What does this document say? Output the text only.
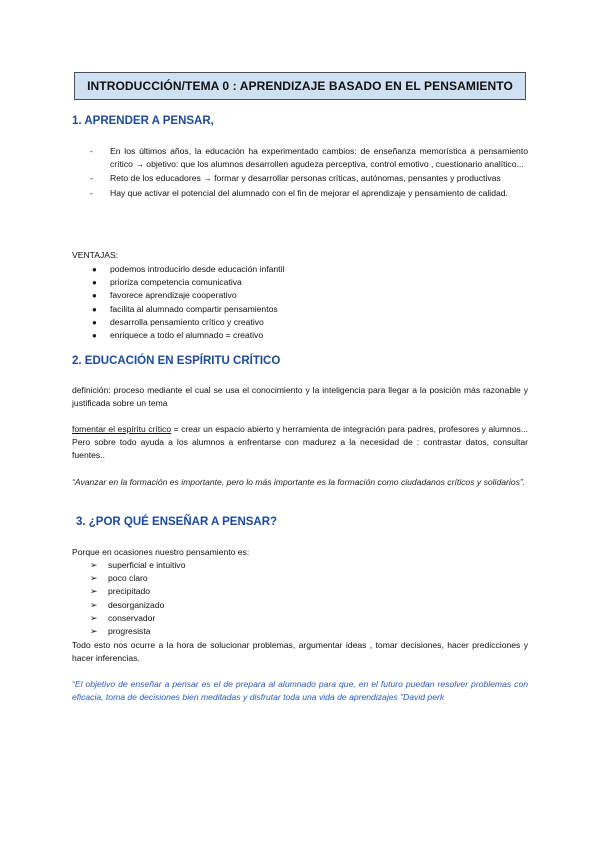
INTRODUCCIÓN/TEMA 0 : APRENDIZAJE BASADO EN EL PENSAMIENTO
1. APRENDER A PENSAR,
- En los últimos años, la educación ha experimentado cambios: de enseñanza memorística a pensamiento crítico → objetivo: que los alumnos desarrollen agudeza perceptiva, control emotivo , cuestionario analítico...
- Reto de los educadores → formar y desarrollar personas críticas, autónomas, pensantes y productivas
- Hay que activar el potencial del alumnado con el fin de mejorar el aprendizaje y pensamiento de calidad.

VENTAJAS:

● podemos introducirlo desde educación infantil
● prioriza competencia comunicativa
● favorece aprendizaje cooperativo
● facilita al alumnado compartir pensamientos
● desarrolla pensamiento crítico y creativo
● enriquece a todo el alumnado = creativo
2. EDUCACIÓN EN ESPÍRITU CRÍTICO

definición: proceso mediante el cual se usa el conocimiento y la inteligencia para llegar a la posición más razonable y justificada sobre un tema

fomentar el espíritu crítico = crear un espacio abierto y herramienta de integración para padres, profesores y alumnos... Pero sobre todo ayuda a los alumnos a enfrentarse con madurez a la necesidad de : contrastar datos, consultar fuentes..

“Avanzar en la formación es importante, pero lo más importante es la formación como ciudadanos críticos y solidarios”.

3. ¿POR QUÉ ENSEÑAR A PENSAR?

Porque en ocasiones nuestro pensamiento es:

➢ superficial e intuitivo
➢ poco claro
➢ precipitado
➢ desorganizado
➢ conservador
➢ progresista

Todo esto nos ocurre a la hora de solucionar problemas, argumentar ideas , tomar decisiones, hacer predicciones y hacer inferencias.

“El objetivo de enseñar a pensar es el de prepara al alumnado para que, en el futuro puedan resolver problemas con eficacia, toma de decisiones bien meditadas y disfrutar toda una vida de aprendizajes ”David perk
